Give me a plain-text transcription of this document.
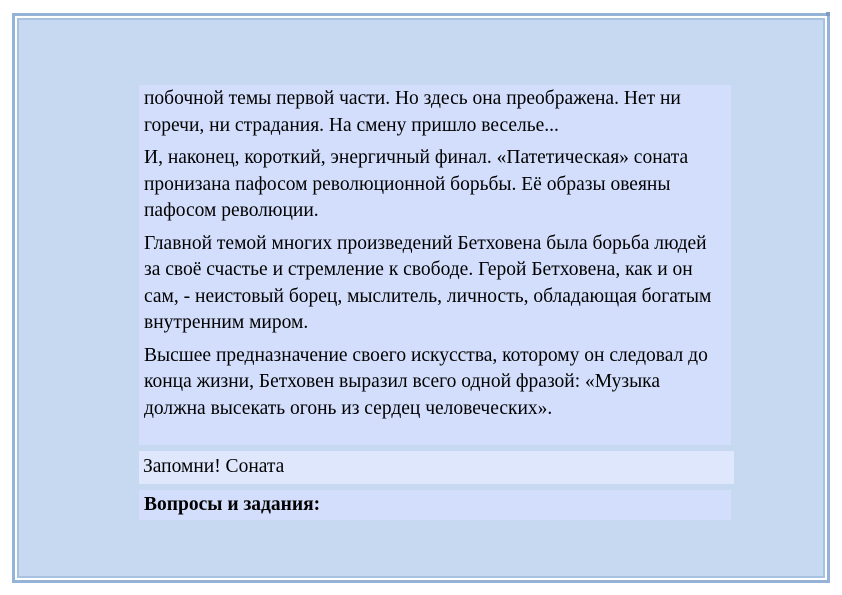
побочной темы первой части. Но здесь она преображена. Нет ни горечи, ни страдания. На смену пришло веселье...

И, наконец, короткий, энергичный финал. «Патетическая» соната пронизана пафосом революционной борьбы. Её образы овеяны пафосом революции.

Главной темой многих произведений Бетховена была борьба людей за своё счастье и стремление к свободе. Герой Бетховена, как и он сам, - неистовый борец, мыслитель, личность, обладающая богатым внутренним миром.

Высшее предназначение своего искусства, которому он следовал до конца жизни, Бетховен выразил всего одной фразой: «Музыка должна высекать огонь из сердец человеческих».

Запомни! Соната
Вопросы и задания:
